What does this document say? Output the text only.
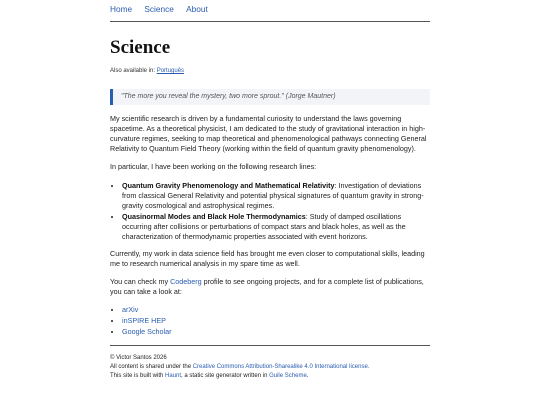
Home Science About
Science
Also available in: Português
"The more you reveal the mystery, two more sprout." (Jorge Mautner)

My scientific research is driven by a fundamental curiosity to understand the laws governing spacetime. As a theoretical physicist, I am dedicated to the study of gravitational interaction in high-curvature regimes, seeking to map theoretical and phenomenological pathways connecting General Relativity to Quantum Field Theory (working within the field of quantum gravity phenomenology).

In particular, I have been working on the following research lines:

• Quantum Gravity Phenomenology and Mathematical Relativity: Investigation of deviations from classical General Relativity and potential physical signatures of quantum gravity in strong-gravity cosmological and astrophysical regimes.
• Quasinormal Modes and Black Hole Thermodynamics: Study of damped oscillations occurring after collisions or perturbations of compact stars and black holes, as well as the characterization of thermodynamic properties associated with event horizons.

Currently, my work in data science field has brought me even closer to computational skills, leading me to research numerical analysis in my spare time as well.

You can check my Codeberg profile to see ongoing projects, and for a complete list of publications, you can take a look at:

• arXiv
• inSPIRE HEP
• Google Scholar
© Victor Santos 2026
All content is shared under the Creative Commons Attribution-Sharealike 4.0 International license.
This site is built with Haunt, a static site generator written in Guile Scheme.
